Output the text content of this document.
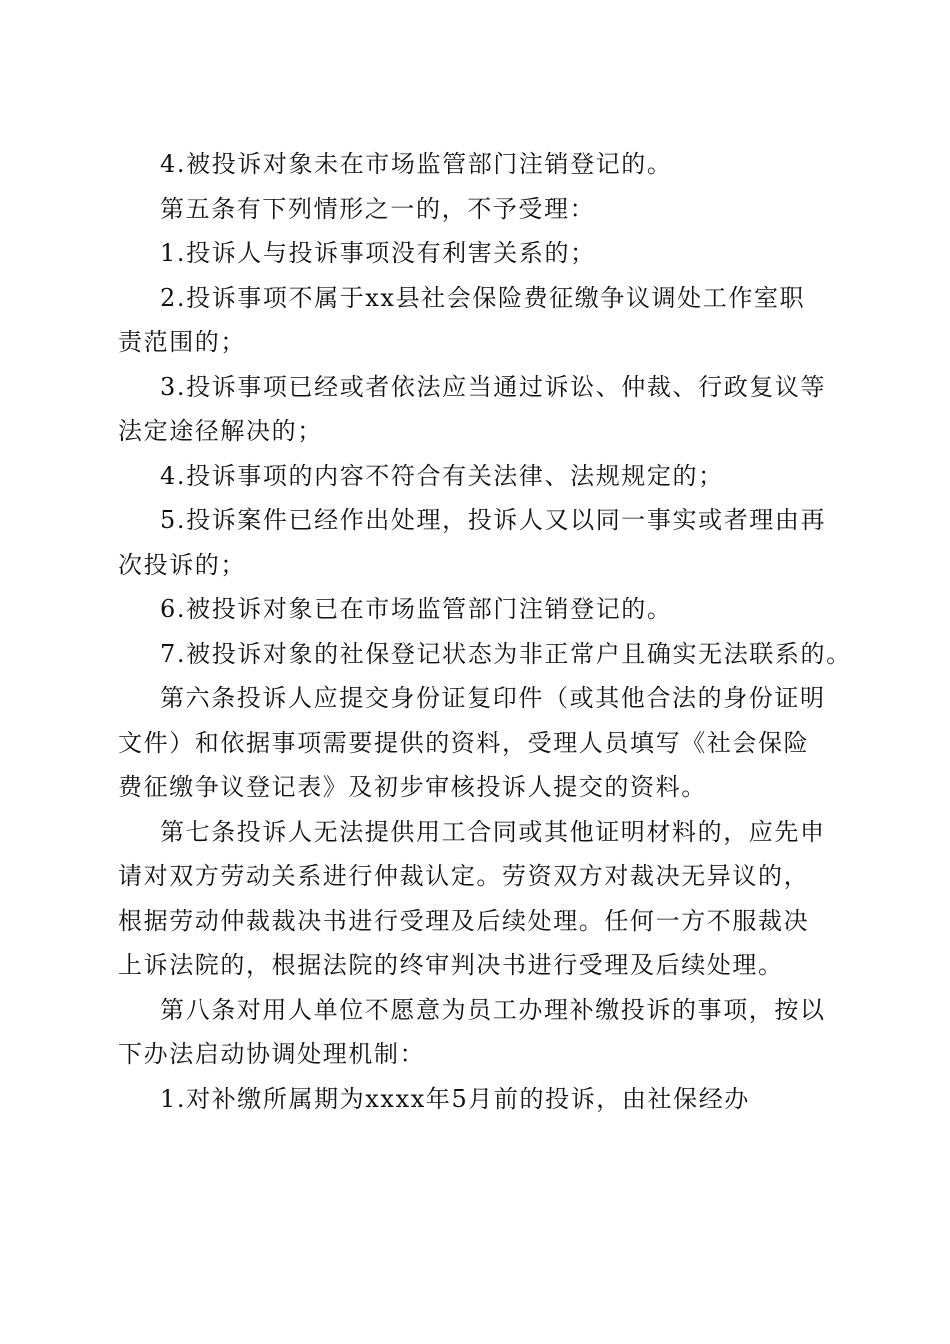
4.被投诉对象未在市场监管部门注销登记的。
第五条有下列情形之一的，不予受理：
1.投诉人与投诉事项没有利害关系的；
2.投诉事项不属于xx县社会保险费征缴争议调处工作室职
责范围的；
3.投诉事项已经或者依法应当通过诉讼、仲裁、行政复议等
法定途径解决的；
4.投诉事项的内容不符合有关法律、法规规定的；
5.投诉案件已经作出处理，投诉人又以同一事实或者理由再
次投诉的；
6.被投诉对象已在市场监管部门注销登记的。
7.被投诉对象的社保登记状态为非正常户且确实无法联系的。
第六条投诉人应提交身份证复印件（或其他合法的身份证明
文件）和依据事项需要提供的资料，受理人员填写《社会保险
费征缴争议登记表》及初步审核投诉人提交的资料。
第七条投诉人无法提供用工合同或其他证明材料的，应先申
请对双方劳动关系进行仲裁认定。劳资双方对裁决无异议的，
根据劳动仲裁裁决书进行受理及后续处理。任何一方不服裁决
上诉法院的，根据法院的终审判决书进行受理及后续处理。
第八条对用人单位不愿意为员工办理补缴投诉的事项，按以
下办法启动协调处理机制：
1.对补缴所属期为xxxx年5月前的投诉，由社保经办
